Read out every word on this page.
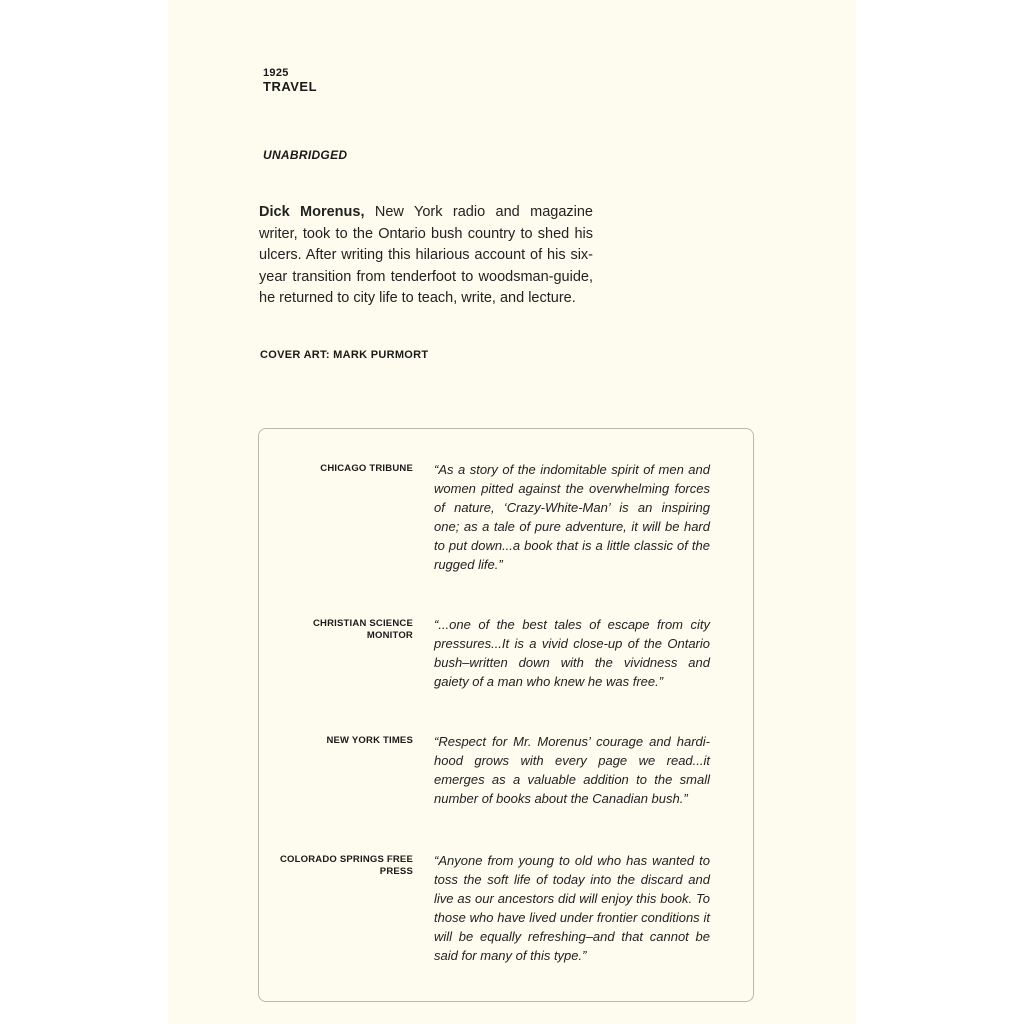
1925
TRAVEL
UNABRIDGED
Dick Morenus, New York radio and magazine writer, took to the Ontario bush country to shed his ulcers. After writing this hilarious account of his six-year transition from tenderfoot to woodsman-guide, he returned to city life to teach, write, and lecture.
COVER ART: MARK PURMORT
CHICAGO TRIBUNE “As a story of the indomitable spirit of men and women pitted against the overwhelming forces of nature, ‘Crazy-White-Man’ is an inspiring one; as a tale of pure adventure, it will be hard to put down...a book that is a little classic of the rugged life.”
CHRISTIAN SCIENCE MONITOR
“...one of the best tales of escape from city pressures...It is a vivid close-up of the Ontario bush–written down with the vividness and gaiety of a man who knew he was free.”
NEW YORK TIMES “Respect for Mr. Morenus’ courage and hardi-hood grows with every page we read...it emerges as a valuable addition to the small number of books about the Canadian bush.”
COLORADO SPRINGS FREE PRESS
“Anyone from young to old who has wanted to toss the soft life of today into the discard and live as our ancestors did will enjoy this book. To those who have lived under frontier conditions it will be equally refreshing–and that cannot be said for many of this type.”
